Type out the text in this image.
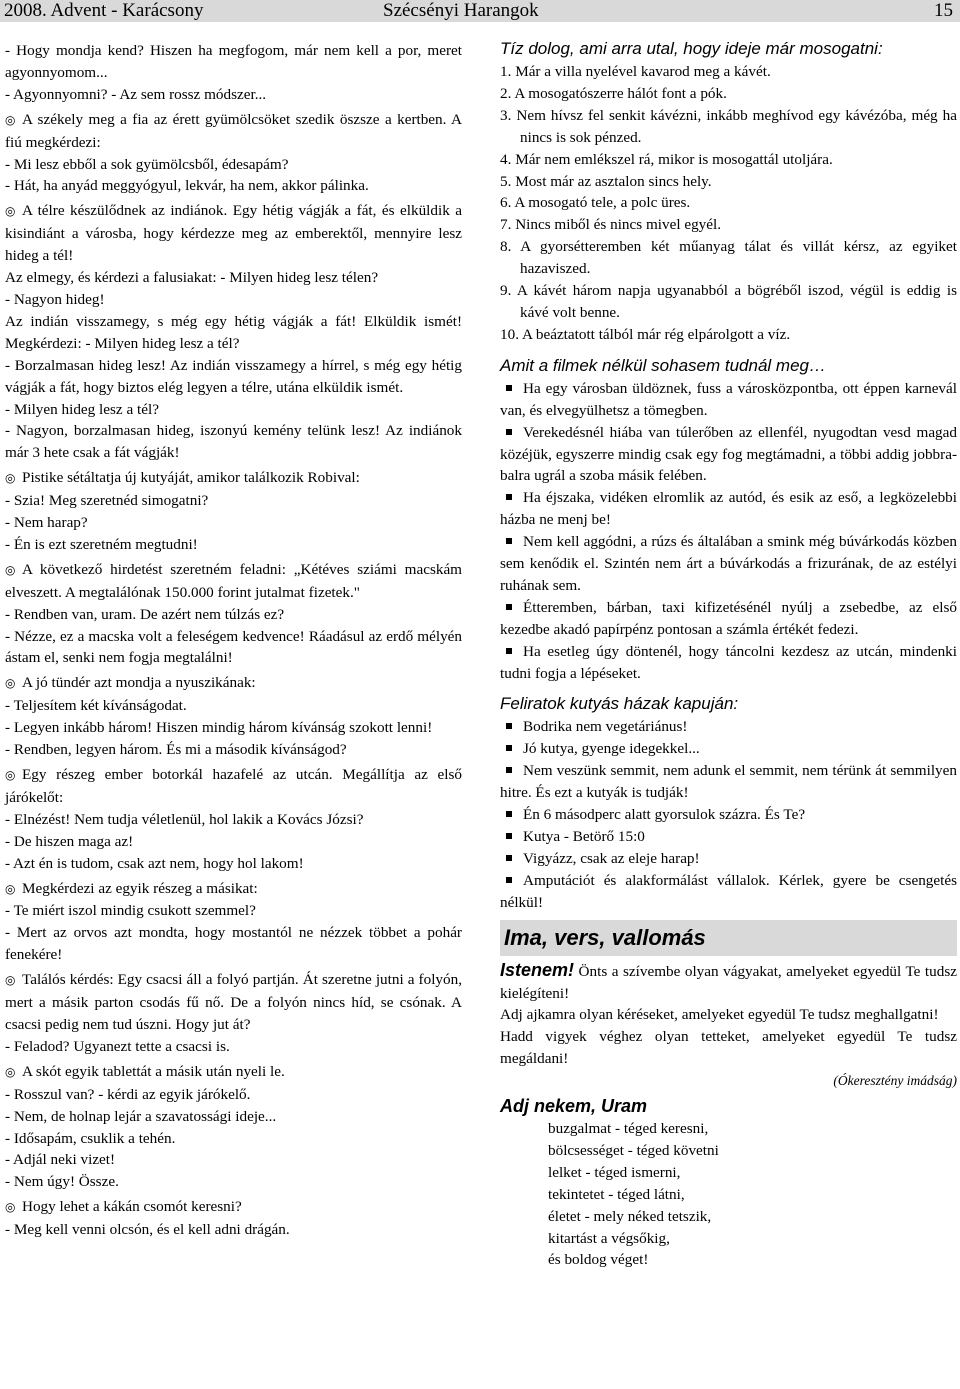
2008. Advent - Karácsony	Szécsényi Harangok	15
- Hogy mondja kend? Hiszen ha megfogom, már nem kell a por, meret agyonnyomom...
- Agyonnyomni? - Az sem rossz módszer...
◎ A székely meg a fia az érett gyümölcsöket szedik öszsze a kertben. A fiú megkérdezi:
- Mi lesz ebből a sok gyümölcsből, édesapám?
- Hát, ha anyád meggyógyul, lekvár, ha nem, akkor pálinka.
◎ A télre készülődnek az indiánok. Egy hétig vágják a fát, és elküldik a kisindiánt a városba, hogy kérdezze meg az emberektől, mennyire lesz hideg a tél!
Az elmegy, és kérdezi a falusiakat: - Milyen hideg lesz télen?
- Nagyon hideg!
Az indián visszamegy, s még egy hétig vágják a fát! Elküldik ismét! Megkérdezi: - Milyen hideg lesz a tél?
- Borzalmasan hideg lesz! Az indián visszamegy a hírrel, s még egy hétig vágják a fát, hogy biztos elég legyen a télre, utána elküldik ismét.
- Milyen hideg lesz a tél?
- Nagyon, borzalmasan hideg, iszonyú kemény telünk lesz! Az indiánok már 3 hete csak a fát vágják!
◎ Pistike sétáltatja új kutyáját, amikor találkozik Robival:
- Szia! Meg szeretnéd simogatni?
- Nem harap?
- Én is ezt szeretném megtudni!
◎ A következő hirdetést szeretném feladni: „Kétéves sziámi macskám elveszett. A megtalálónak 150.000 forint jutalmat fizetek."
- Rendben van, uram. De azért nem túlzás ez?
- Nézze, ez a macska volt a feleségem kedvence! Ráadásul az erdő mélyén ástam el, senki nem fogja megtalálni!
◎ A jó tündér azt mondja a nyuszikának:
- Teljesítem két kívánságodat.
- Legyen inkább három! Hiszen mindig három kívánság szokott lenni!
- Rendben, legyen három. És mi a második kívánságod?
◎ Egy részeg ember botorkál hazafelé az utcán. Megállítja az első járókelőt:
- Elnézést! Nem tudja véletlenül, hol lakik a Kovács Józsi?
- De hiszen maga az!
- Azt én is tudom, csak azt nem, hogy hol lakom!
◎ Megkérdezi az egyik részeg a másikat:
- Te miért iszol mindig csukott szemmel?
- Mert az orvos azt mondta, hogy mostantól ne nézzek többet a pohár fenekére!
◎ Találós kérdés: Egy csacsi áll a folyó partján. Át szeretne jutni a folyón, mert a másik parton csodás fű nő. De a folyón nincs híd, se csónak. A csacsi pedig nem tud úszni. Hogy jut át?
- Feladod? Ugyanezt tette a csacsi is.
◎ A skót egyik tablettát a másik után nyeli le.
- Rosszul van? - kérdi az egyik járókelő.
- Nem, de holnap lejár a szavatossági ideje...
- Idősapám, csuklik a tehén.
- Adjál neki vizet!
- Nem úgy! Össze.
◎ Hogy lehet a kákán csomót keresni?
- Meg kell venni olcsón, és el kell adni drágán.
Tíz dolog, ami arra utal, hogy ideje már mosogatni:
1. Már a villa nyelével kavarod meg a kávét.
2. A mosogatószerre hálót font a pók.
3. Nem hívsz fel senkit kávézni, inkább meghívod egy kávézóba, még ha nincs is sok pénzed.
4. Már nem emlékszel rá, mikor is mosogattál utoljára.
5. Most már az asztalon sincs hely.
6. A mosogató tele, a polc üres.
7. Nincs miből és nincs mivel egyél.
8. A gyorsétteremben két műanyag tálat és villát kérsz, az egyiket hazaviszed.
9. A kávét három napja ugyanabból a bögréből iszod, végül is eddig is kávé volt benne.
10. A beáztatott tálból már rég elpárolgott a víz.
Amit a filmek nélkül sohasem tudnál meg…
Ha egy városban üldöznek, fuss a városközpontba, ott éppen karnevál van, és elvegyülhetsz a tömegben.
Verekedésnél hiába van túlerőben az ellenfél, nyugodtan vesd magad közéjük, egyszerre mindig csak egy fog megtámadni, a többi addig jobbra-balra ugrál a szoba másik felében.
Ha éjszaka, vidéken elromlik az autód, és esik az eső, a legközelebbi házba ne menj be!
Nem kell aggódni, a rúzs és általában a smink még búvárkodás közben sem kenődik el. Szintén nem árt a búvárkodás a frizurának, de az estélyi ruhának sem.
Étteremben, bárban, taxi kifizetésénél nyúlj a zsebedbe, az első kezedbe akadó papírpénz pontosan a számla értékét fedezi.
Ha esetleg úgy döntenél, hogy táncolni kezdesz az utcán, mindenki tudni fogja a lépéseket.
Feliratok kutyás házak kapuján:
Bodrika nem vegetáriánus!
Jó kutya, gyenge idegekkel...
Nem veszünk semmit, nem adunk el semmit, nem térünk át semmilyen hitre. És ezt a kutyák is tudják!
Én 6 másodperc alatt gyorsulok százra. És Te?
Kutya - Betörő 15:0
Vigyázz, csak az eleje harap!
Amputációt és alakformálást vállalok. Kérlek, gyere be csengetés nélkül!
Ima, vers, vallomás
Istenem! Önts a szívembe olyan vágyakat, amelyeket egyedül Te tudsz kielégíteni!
Adj ajkamra olyan kéréseket, amelyeket egyedül Te tudsz meghallgatni!
Hadd vigyek véghez olyan tetteket, amelyeket egyedül Te tudsz megáldani!
(Ókeresztény imádság)
Adj nekem, Uram
buzgalmat - téged keresni,
bölcsességet - téged követni
lelket - téged ismerni,
tekintetet - téged látni,
életet - mely néked tetszik,
kitartást a végsőkig,
és boldog véget!
